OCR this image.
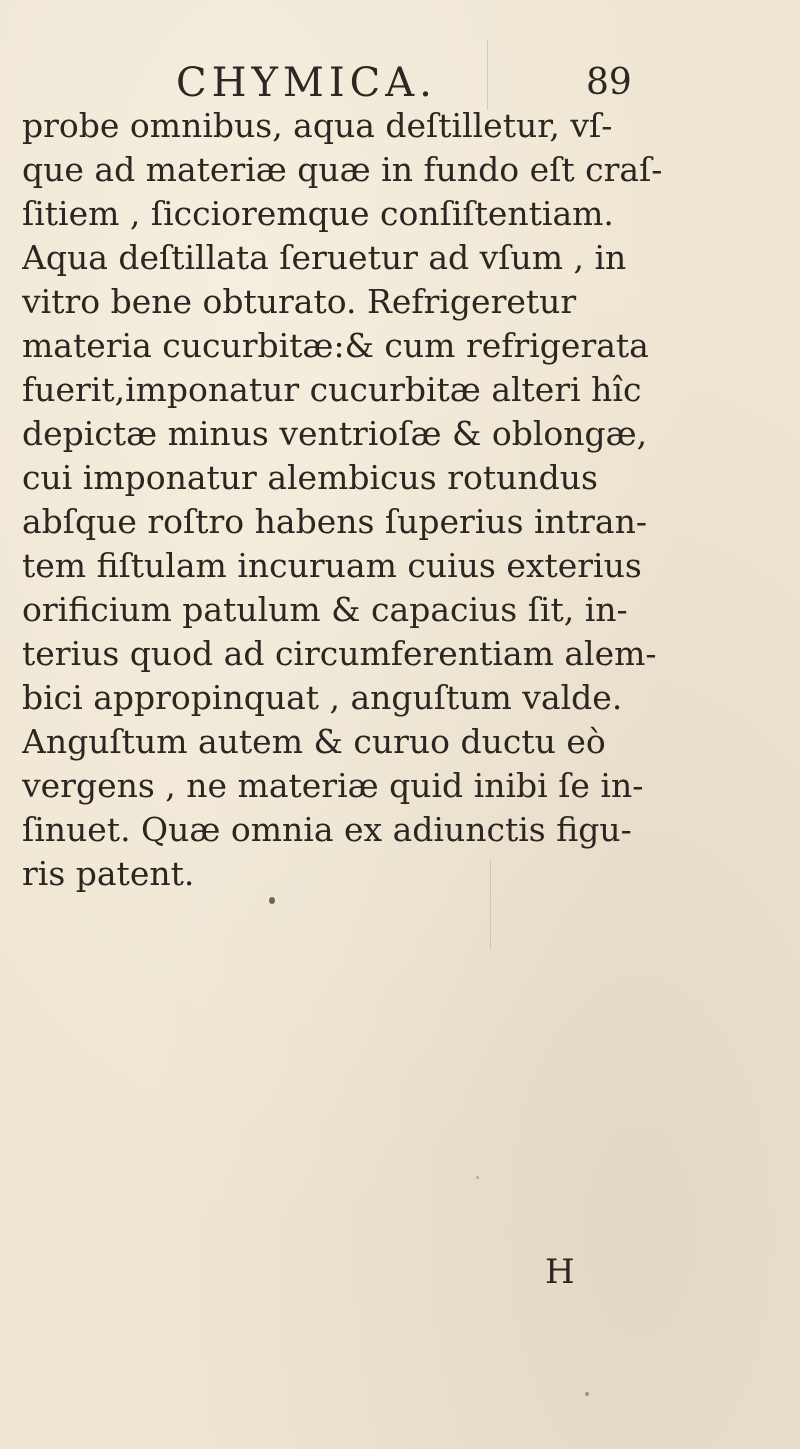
CHYMICA.	89
probe omnibus, aqua deſtilletur, vſ-
que ad materiæ quæ in fundo eſt craſ-
ſitiem , ſiccioremque conſiſtentiam.
Aqua deſtillata ſeruetur ad vſum , in
vitro bene obturato. Refrigeretur
materia cucurbitæ:& cum refrigerata
fuerit,imponatur cucurbitæ alteri hîc
depictæ minus ventrioſæ & oblongæ,
cui imponatur alembicus rotundus
abſque roſtro habens ſuperius intran-
tem fiſtulam incuruam cuius exterius
orificium patulum & capacius ſit, in-
terius quod ad circumferentiam alem-
bici appropinquat , anguſtum valde.
Anguſtum autem & curuo ductu eò
vergens , ne materiæ quid inibi ſe in-
ſinuet. Quæ omnia ex adiunctis figu-
ris patent.
H
